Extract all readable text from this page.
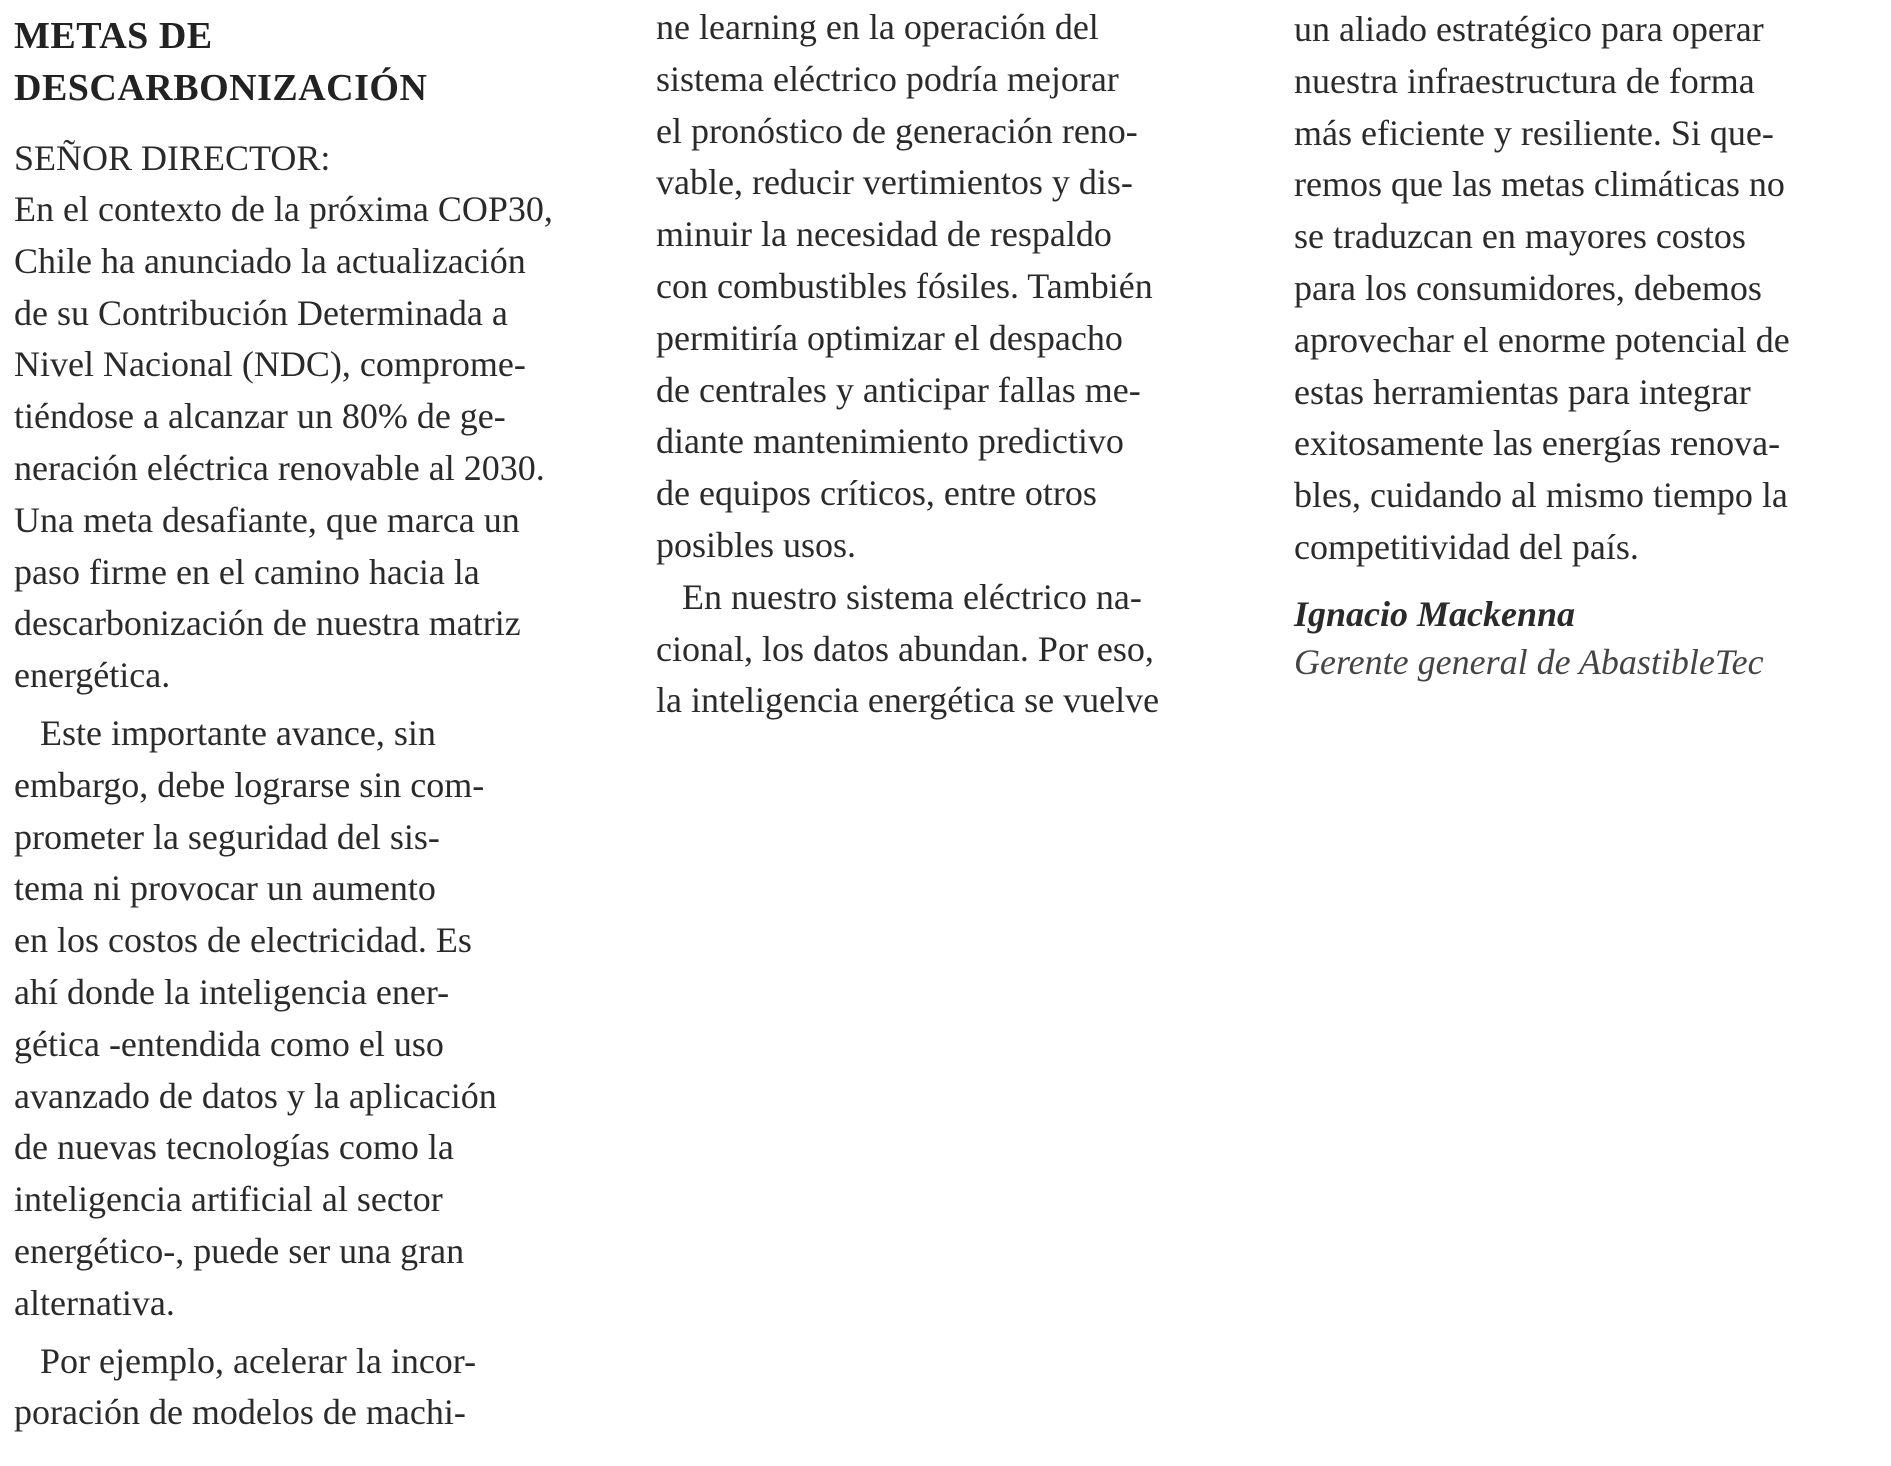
METAS DE
DESCARBONIZACIÓN
SEÑOR DIRECTOR:

En el contexto de la próxima COP30,
Chile ha anunciado la actualización
de su Contribución Determinada a
Nivel Nacional (NDC), comprome-
tiéndose a alcanzar un 80% de ge-
neración eléctrica renovable al 2030.
Una meta desafiante, que marca un
paso firme en el camino hacia la
descarbonización de nuestra matriz
energética.

Este importante avance, sin
embargo, debe lograrse sin com-
prometer la seguridad del sis-
tema ni provocar un aumento
en los costos de electricidad. Es
ahí donde la inteligencia ener-
gética -entendida como el uso
avanzado de datos y la aplicación
de nuevas tecnologías como la
inteligencia artificial al sector
energético-, puede ser una gran
alternativa.

Por ejemplo, acelerar la incor-
poración de modelos de machi-

ne learning en la operación del
sistema eléctrico podría mejorar
el pronóstico de generación reno-
vable, reducir vertimientos y dis-
minuir la necesidad de respaldo
con combustibles fósiles. También
permitiría optimizar el despacho
de centrales y anticipar fallas me-
diante mantenimiento predictivo
de equipos críticos, entre otros
posibles usos.

En nuestro sistema eléctrico na-
cional, los datos abundan. Por eso,
la inteligencia energética se vuelve

un aliado estratégico para operar
nuestra infraestructura de forma
más eficiente y resiliente. Si que-
remos que las metas climáticas no
se traduzcan en mayores costos
para los consumidores, debemos
aprovechar el enorme potencial de
estas herramientas para integrar
exitosamente las energías renova-
bles, cuidando al mismo tiempo la
competitividad del país.

Ignacio Mackenna
Gerente general de AbastibleTec
